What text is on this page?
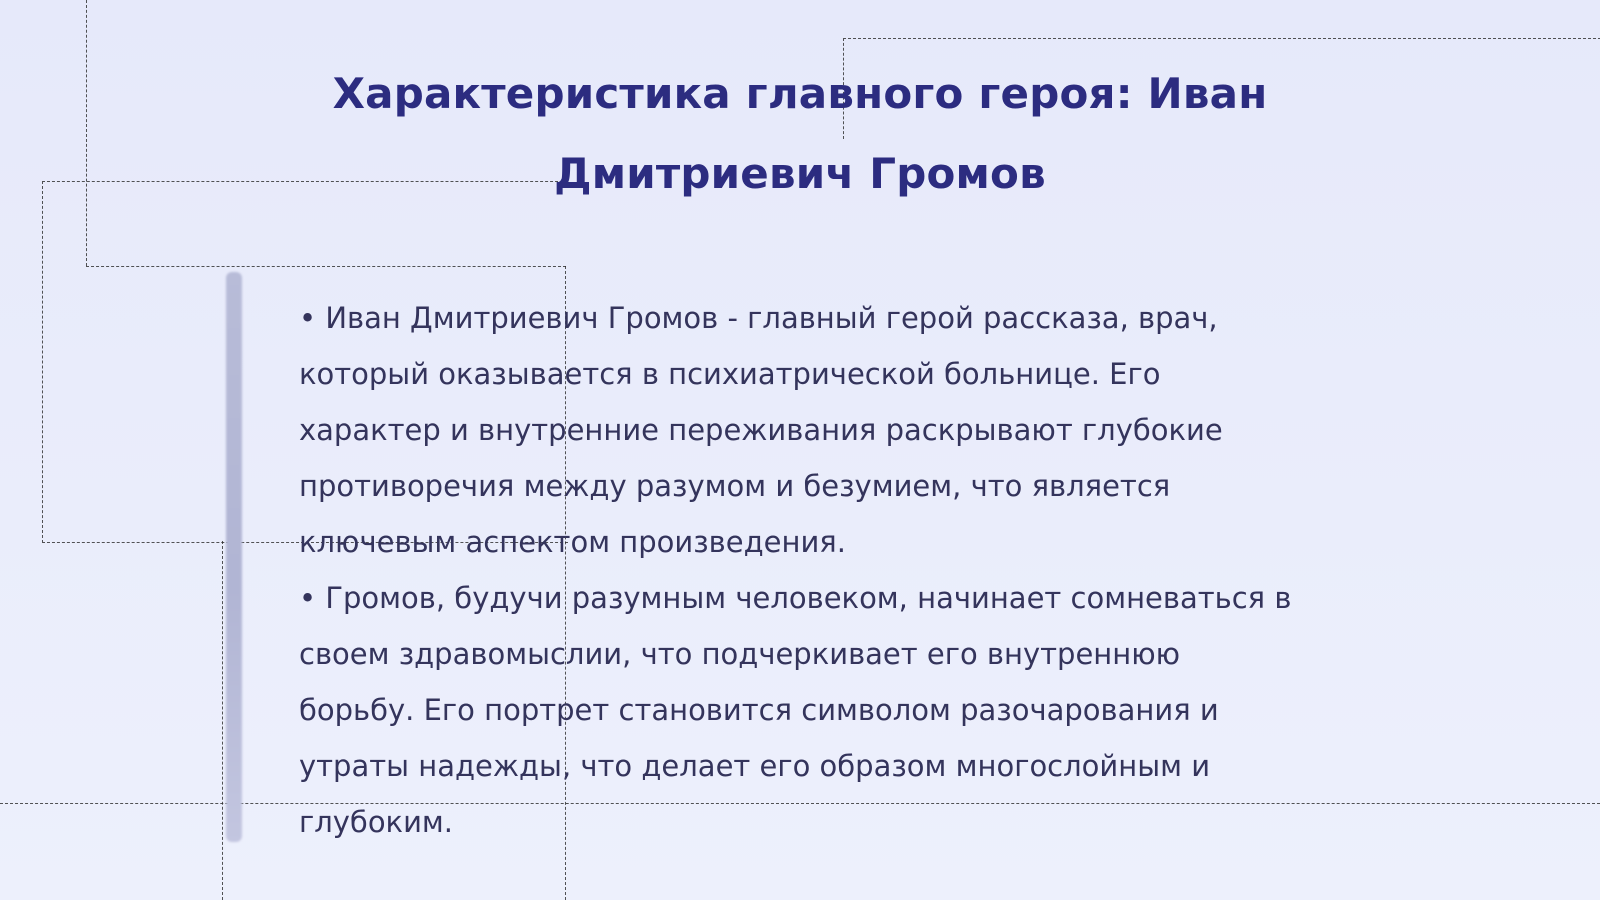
Характеристика главного героя: Иван Дмитриевич Громов

• Иван Дмитриевич Громов - главный герой рассказа, врач, который оказывается в психиатрической больнице. Его характер и внутренние переживания раскрывают глубокие противоречия между разумом и безумием, что является ключевым аспектом произведения.

• Громов, будучи разумным человеком, начинает сомневаться в своем здравомыслии, что подчеркивает его внутреннюю борьбу. Его портрет становится символом разочарования и утраты надежды, что делает его образом многослойным и глубоким.
